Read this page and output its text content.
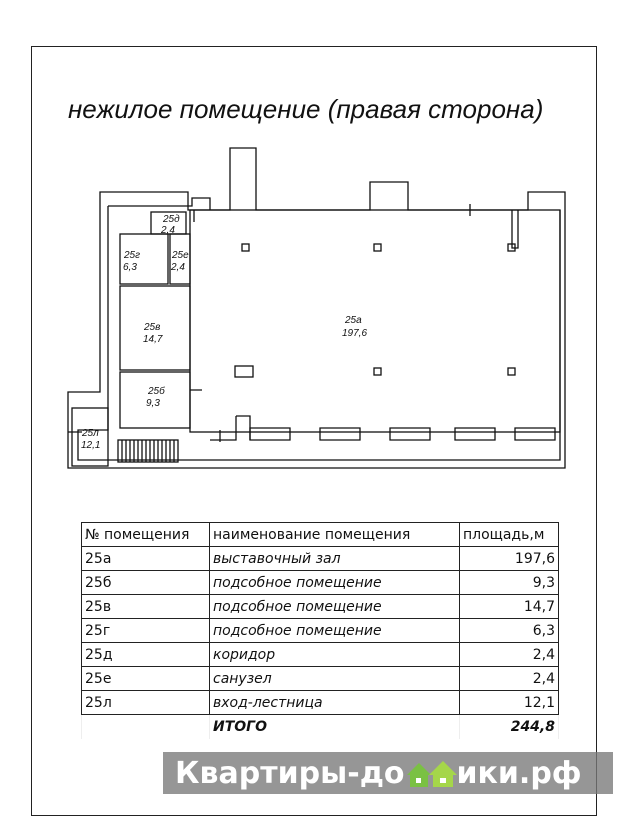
нежилое помещение (правая сторона)
25а
197,6
25б
9,3
25в
14,7
25г
6,3
25д
2,4
25е
2,4
25л
12,1
№ помещения	наименование помещения	площадь,м
25а	выставочный зал	197,6
25б	подсобное помещение	9,3
25в	подсобное помещение	14,7
25г	подсобное помещение	6,3
25д	коридор	2,4
25е	санузел	2,4
25л	вход-лестница	12,1
	ИТОГО	244,8
Квартиры-до ики.рф
